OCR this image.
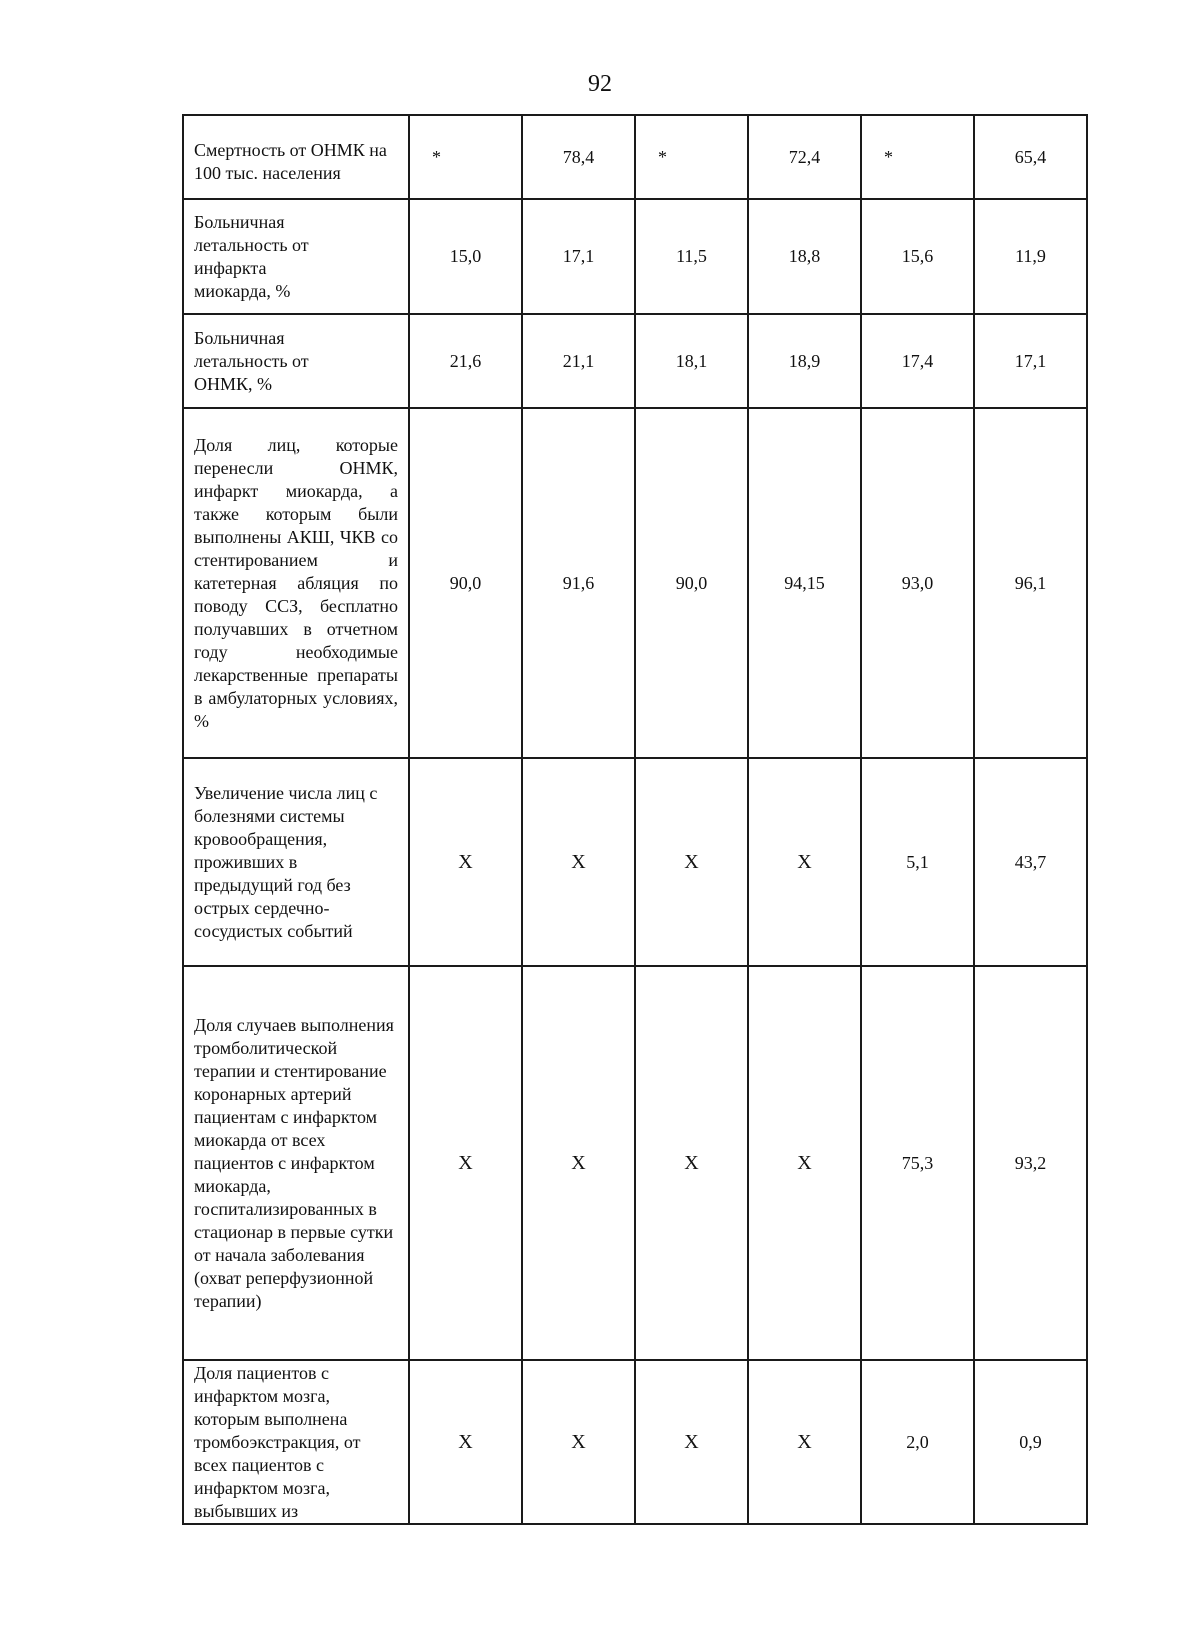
92
Смертность от ОНМК на 100 тыс. населения	*	78,4	*	72,4	*	65,4
Больничная летальность от инфаркта миокарда, %	15,0	17,1	11,5	18,8	15,6	11,9
Больничная летальность от ОНМК, %	21,6	21,1	18,1	18,9	17,4	17,1
Доля лиц, которые перенесли ОНМК, инфаркт миокарда, а также которым были выполнены АКШ, ЧКВ со стентированием и катетерная абляция по поводу ССЗ, бесплатно получавших в отчетном году необходимые лекарственные препараты в амбулаторных условиях, %	90,0	91,6	90,0	94,15	93,0	96,1
Увеличение числа лиц с болезнями системы кровообращения, проживших в предыдущий год без острых сердечно-сосудистых событий	X	X	X	X	5,1	43,7
Доля случаев выполнения тромболитической терапии и стентирование коронарных артерий пациентам с инфарктом миокарда от всех пациентов с инфарктом миокарда, госпитализированных в стационар в первые сутки от начала заболевания (охват реперфузионной терапии)	X	X	X	X	75,3	93,2
Доля пациентов с инфарктом мозга, которым выполнена тромбоэкстракция, от всех пациентов с инфарктом мозга, выбывших из	X	X	X	X	2,0	0,9
